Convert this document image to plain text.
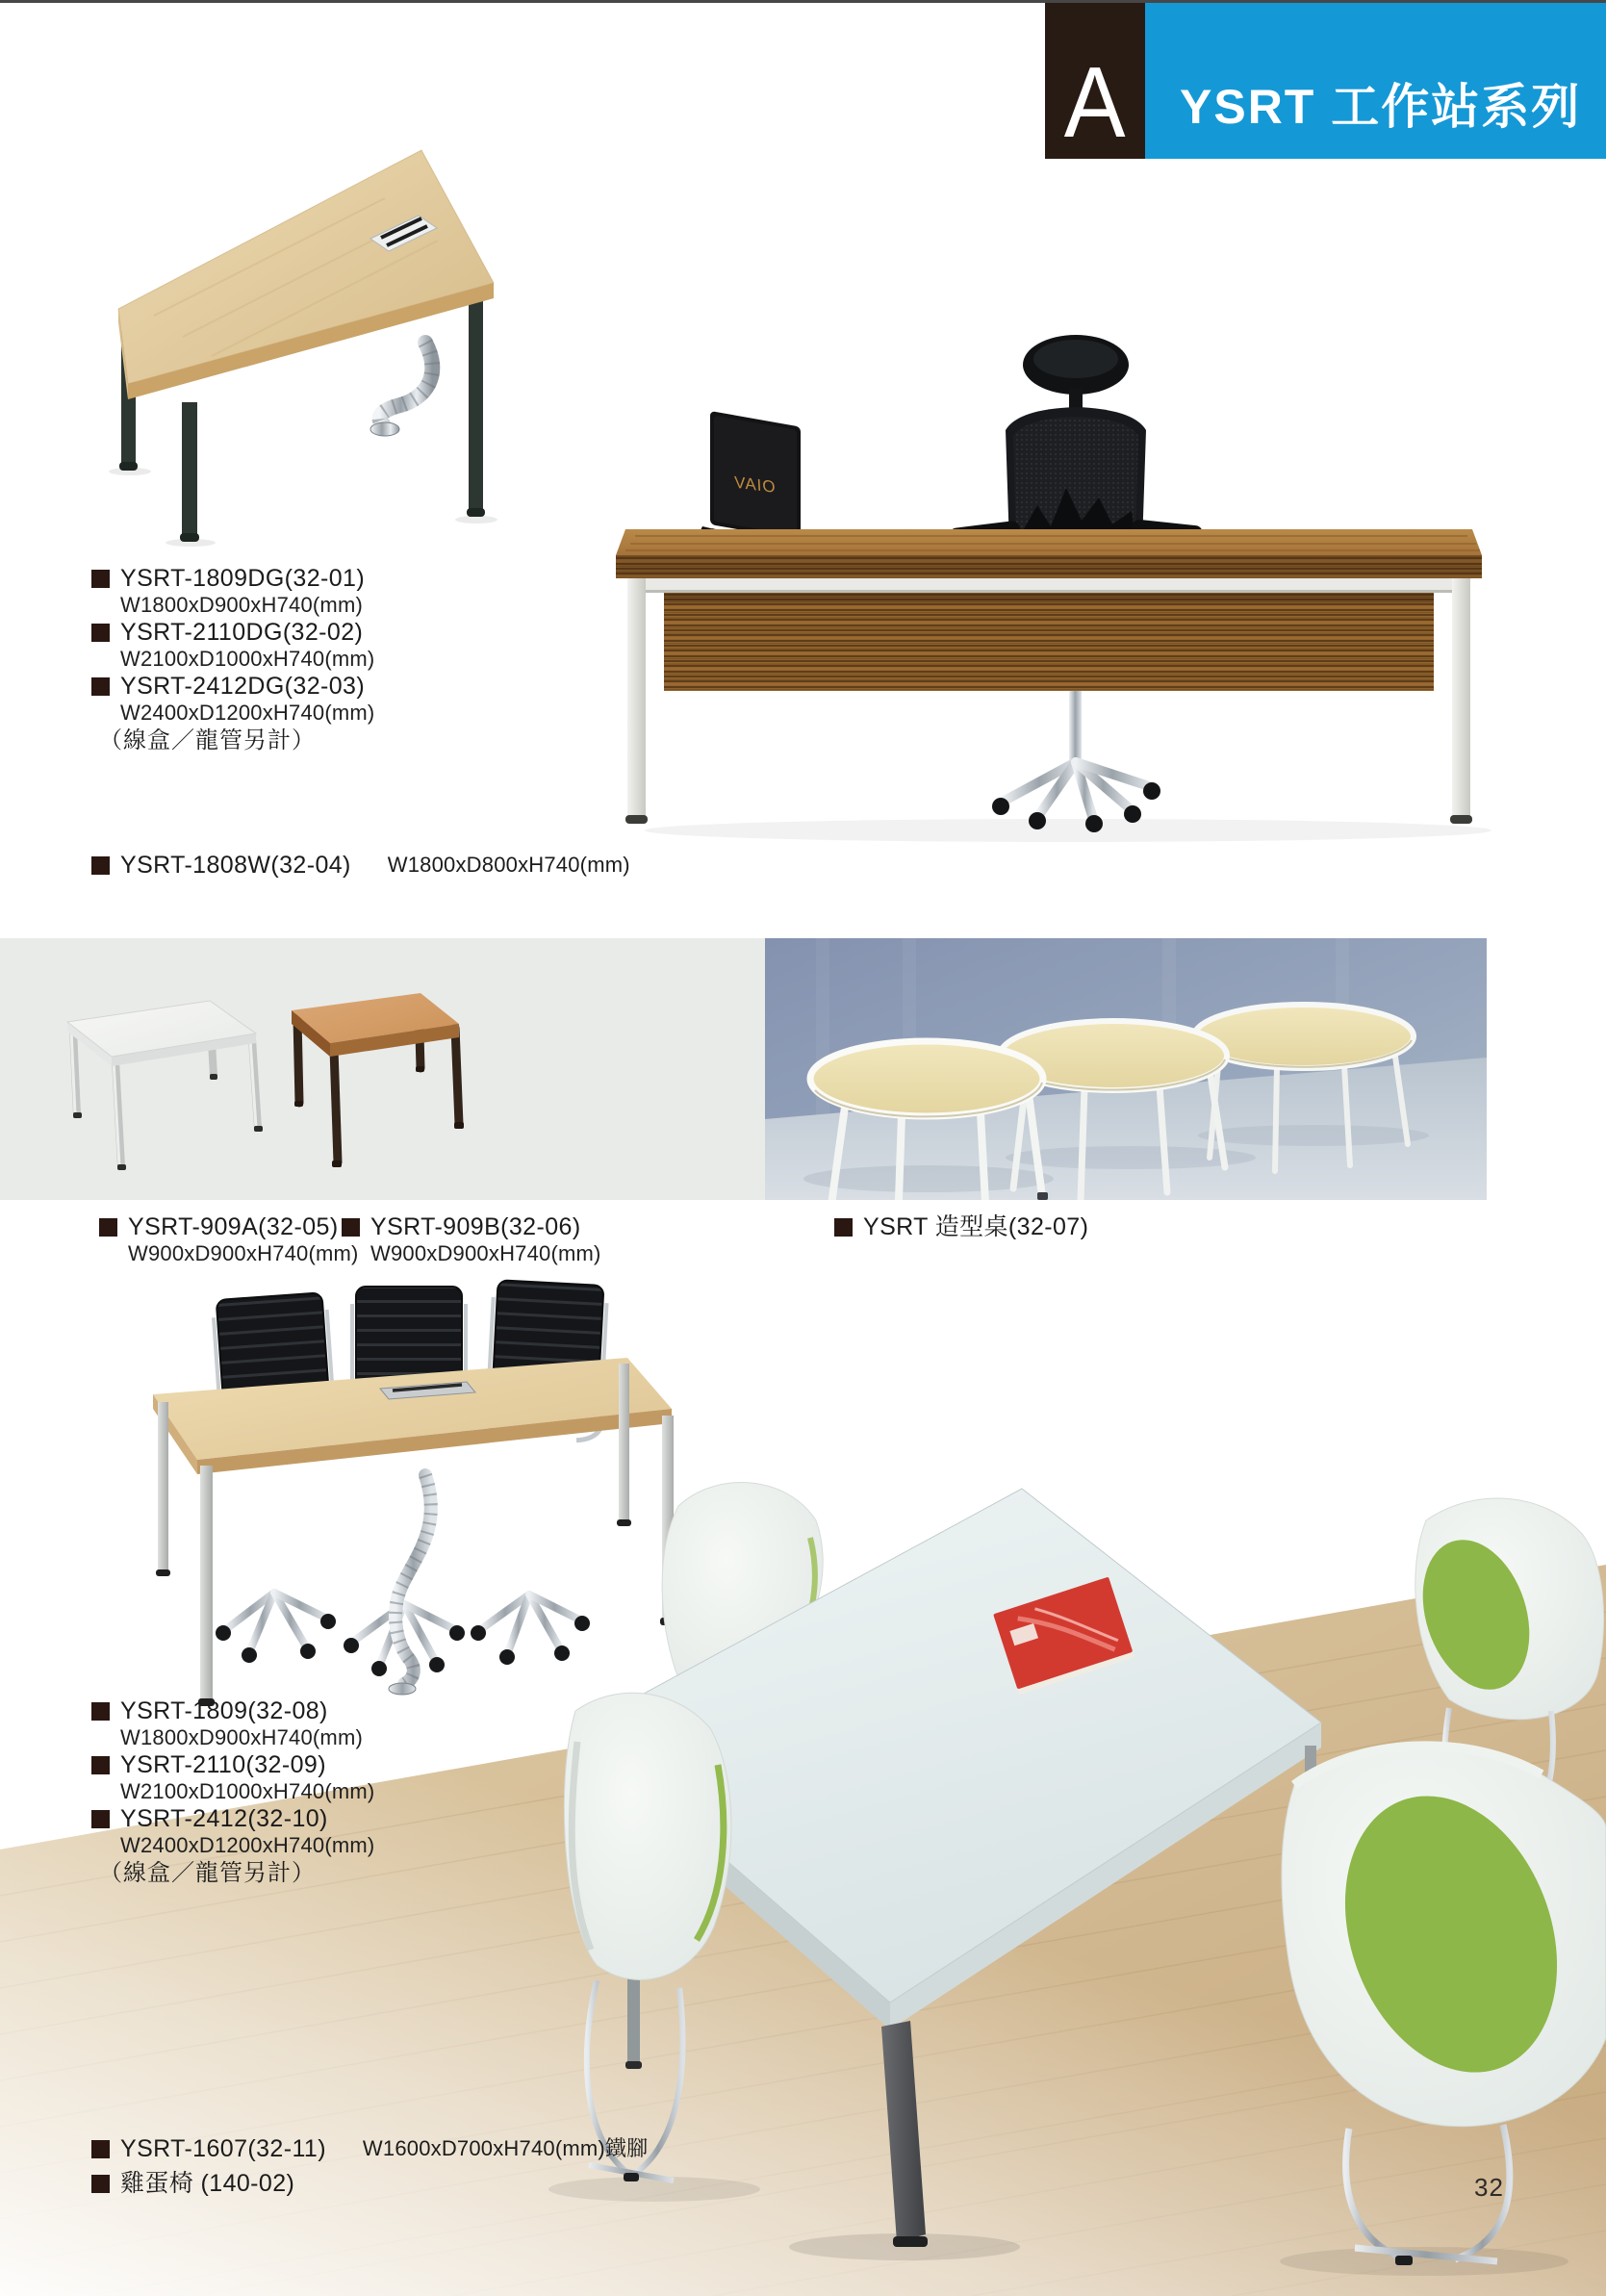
A YSRT 工作站系列
VAIO
YSRT-1809DG(32-01)
W1800xD900xH740(mm)
YSRT-2110DG(32-02)
W2100xD1000xH740(mm)
YSRT-2412DG(32-03)
W2400xD1200xH740(mm)
（線盒／龍管另計）
YSRT-1808W(32-04) W1800xD800xH740(mm)
YSRT-909A(32-05)
W900xD900xH740(mm)
YSRT-909B(32-06)
W900xD900xH740(mm)
YSRT 造型桌(32-07)
YSRT-1809(32-08)
W1800xD900xH740(mm)
YSRT-2110(32-09)
W2100xD1000xH740(mm)
YSRT-2412(32-10)
W2400xD1200xH740(mm)
（線盒／龍管另計）
YSRT-1607(32-11) W1600xD700xH740(mm)鐵腳
雞蛋椅 (140-02)	32
